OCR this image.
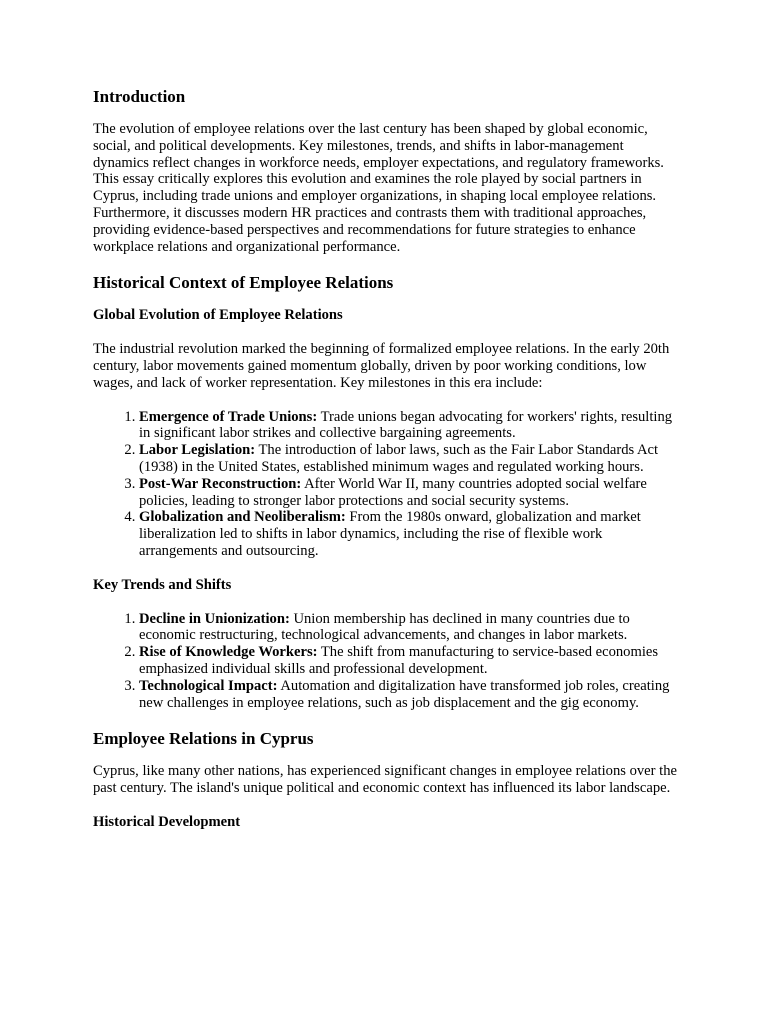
Introduction

The evolution of employee relations over the last century has been shaped by global economic, social, and political developments. Key milestones, trends, and shifts in labor-management dynamics reflect changes in workforce needs, employer expectations, and regulatory frameworks. This essay critically explores this evolution and examines the role played by social partners in Cyprus, including trade unions and employer organizations, in shaping local employee relations. Furthermore, it discusses modern HR practices and contrasts them with traditional approaches, providing evidence-based perspectives and recommendations for future strategies to enhance workplace relations and organizational performance.

Historical Context of Employee Relations
Global Evolution of Employee Relations

The industrial revolution marked the beginning of formalized employee relations. In the early 20th century, labor movements gained momentum globally, driven by poor working conditions, low wages, and lack of worker representation. Key milestones in this era include:

1. Emergence of Trade Unions: Trade unions began advocating for workers' rights, resulting in significant labor strikes and collective bargaining agreements.
2. Labor Legislation: The introduction of labor laws, such as the Fair Labor Standards Act (1938) in the United States, established minimum wages and regulated working hours.
3. Post-War Reconstruction: After World War II, many countries adopted social welfare policies, leading to stronger labor protections and social security systems.
4. Globalization and Neoliberalism: From the 1980s onward, globalization and market liberalization led to shifts in labor dynamics, including the rise of flexible work arrangements and outsourcing.
Key Trends and Shifts
1. Decline in Unionization: Union membership has declined in many countries due to economic restructuring, technological advancements, and changes in labor markets.
2. Rise of Knowledge Workers: The shift from manufacturing to service-based economies emphasized individual skills and professional development.
3. Technological Impact: Automation and digitalization have transformed job roles, creating new challenges in employee relations, such as job displacement and the gig economy.
Employee Relations in Cyprus

Cyprus, like many other nations, has experienced significant changes in employee relations over the past century. The island's unique political and economic context has influenced its labor landscape.

Historical Development
